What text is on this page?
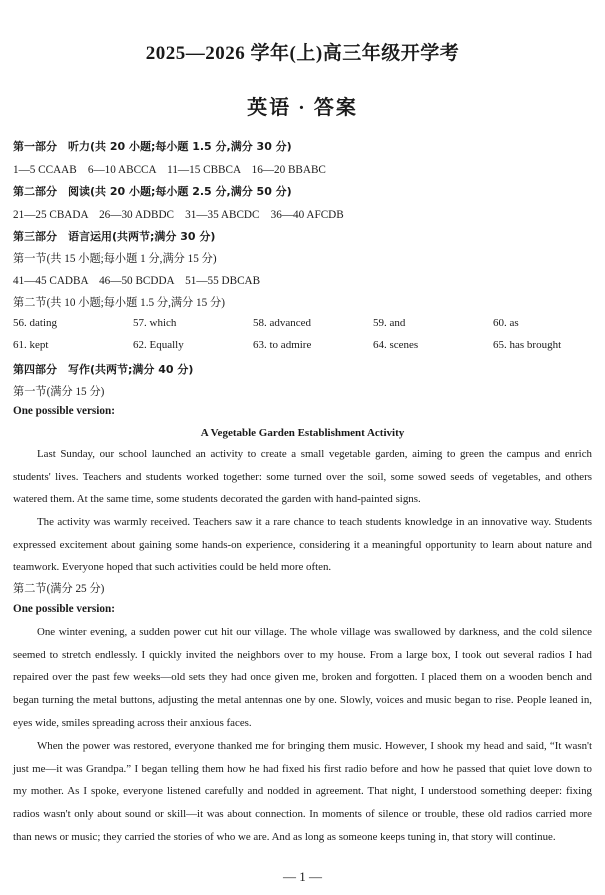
2025—2026 学年(上)高三年级开学考
英语 · 答案
第一部分　听力(共 20 小题;每小题 1.5 分,满分 30 分)
1—5 CCAAB　6—10 ABCCA　11—15 CBBCA　16—20 BBABC
第二部分　阅读(共 20 小题;每小题 2.5 分,满分 50 分)
21—25 CBADA　26—30 ADBDC　31—35 ABCDC　36—40 AFCDB
第三部分　语言运用(共两节;满分 30 分)
第一节(共 15 小题;每小题 1 分,满分 15 分)
41—45 CADBA　46—50 BCDDA　51—55 DBCAB
第二节(共 10 小题;每小题 1.5 分,满分 15 分)
56. dating	57. which	58. advanced	59. and	60. as
61. kept	62. Equally	63. to admire	64. scenes	65. has brought
第四部分　写作(共两节;满分 40 分)
第一节(满分 15 分)
One possible version:
A Vegetable Garden Establishment Activity

Last Sunday, our school launched an activity to create a small vegetable garden, aiming to green the campus and enrich students' lives. Teachers and students worked together: some turned over the soil, some sowed seeds of vegetables, and others watered them. At the same time, some students decorated the garden with hand-painted signs.

The activity was warmly received. Teachers saw it a rare chance to teach students knowledge in an innovative way. Students expressed excitement about gaining some hands-on experience, considering it a meaningful opportunity to learn about nature and teamwork. Everyone hoped that such activities could be held more often.

第二节(满分 25 分)
One possible version:

One winter evening, a sudden power cut hit our village. The whole village was swallowed by darkness, and the cold silence seemed to stretch endlessly. I quickly invited the neighbors over to my house. From a large box, I took out several radios I had repaired over the past few weeks—old sets they had once given me, broken and forgotten. I placed them on a wooden bench and began turning the metal buttons, adjusting the metal antennas one by one. Slowly, voices and music began to rise. People leaned in, eyes wide, smiles spreading across their anxious faces.

When the power was restored, everyone thanked me for bringing them music. However, I shook my head and said, “It wasn't just me—it was Grandpa.” I began telling them how he had fixed his first radio before and how he passed that quiet love down to my mother. As I spoke, everyone listened carefully and nodded in agreement. That night, I understood something deeper: fixing radios wasn't only about sound or skill—it was about connection. In moments of silence or trouble, these old radios carried more than news or music; they carried the stories of who we are. And as long as someone keeps tuning in, that story will continue.

— 1 —
